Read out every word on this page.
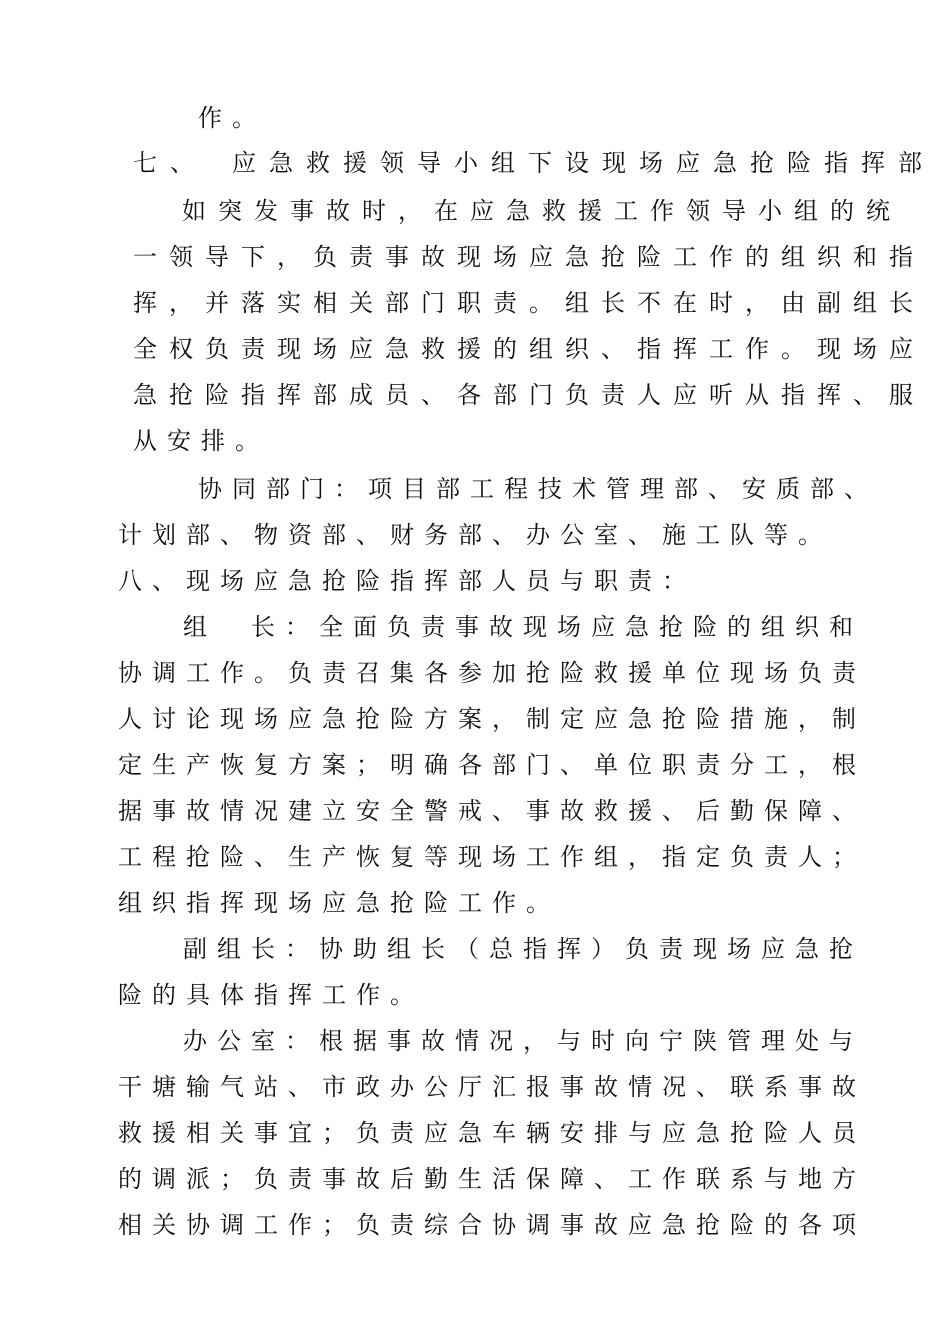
作。
七、　应急救援领导小组下设现场应急抢险指挥部
如突发事故时，在应急救援工作领导小组的统
一领导下，负责事故现场应急抢险工作的组织和指
挥，并落实相关部门职责。组长不在时，由副组长
全权负责现场应急救援的组织、指挥工作。现场应
急抢险指挥部成员、各部门负责人应听从指挥、服
从安排。
协同部门：项目部工程技术管理部、安质部、
计划部、物资部、财务部、办公室、施工队等。
八、现场应急抢险指挥部人员与职责：
组　长：全面负责事故现场应急抢险的组织和
协调工作。负责召集各参加抢险救援单位现场负责
人讨论现场应急抢险方案，制定应急抢险措施，制
定生产恢复方案；明确各部门、单位职责分工，根
据事故情况建立安全警戒、事故救援、后勤保障、
工程抢险、生产恢复等现场工作组，指定负责人；
组织指挥现场应急抢险工作。
副组长：协助组长（总指挥）负责现场应急抢
险的具体指挥工作。
办公室：根据事故情况，与时向宁陕管理处与
干塘输气站、市政办公厅汇报事故情况、联系事故
救援相关事宜；负责应急车辆安排与应急抢险人员
的调派；负责事故后勤生活保障、工作联系与地方
相关协调工作；负责综合协调事故应急抢险的各项
